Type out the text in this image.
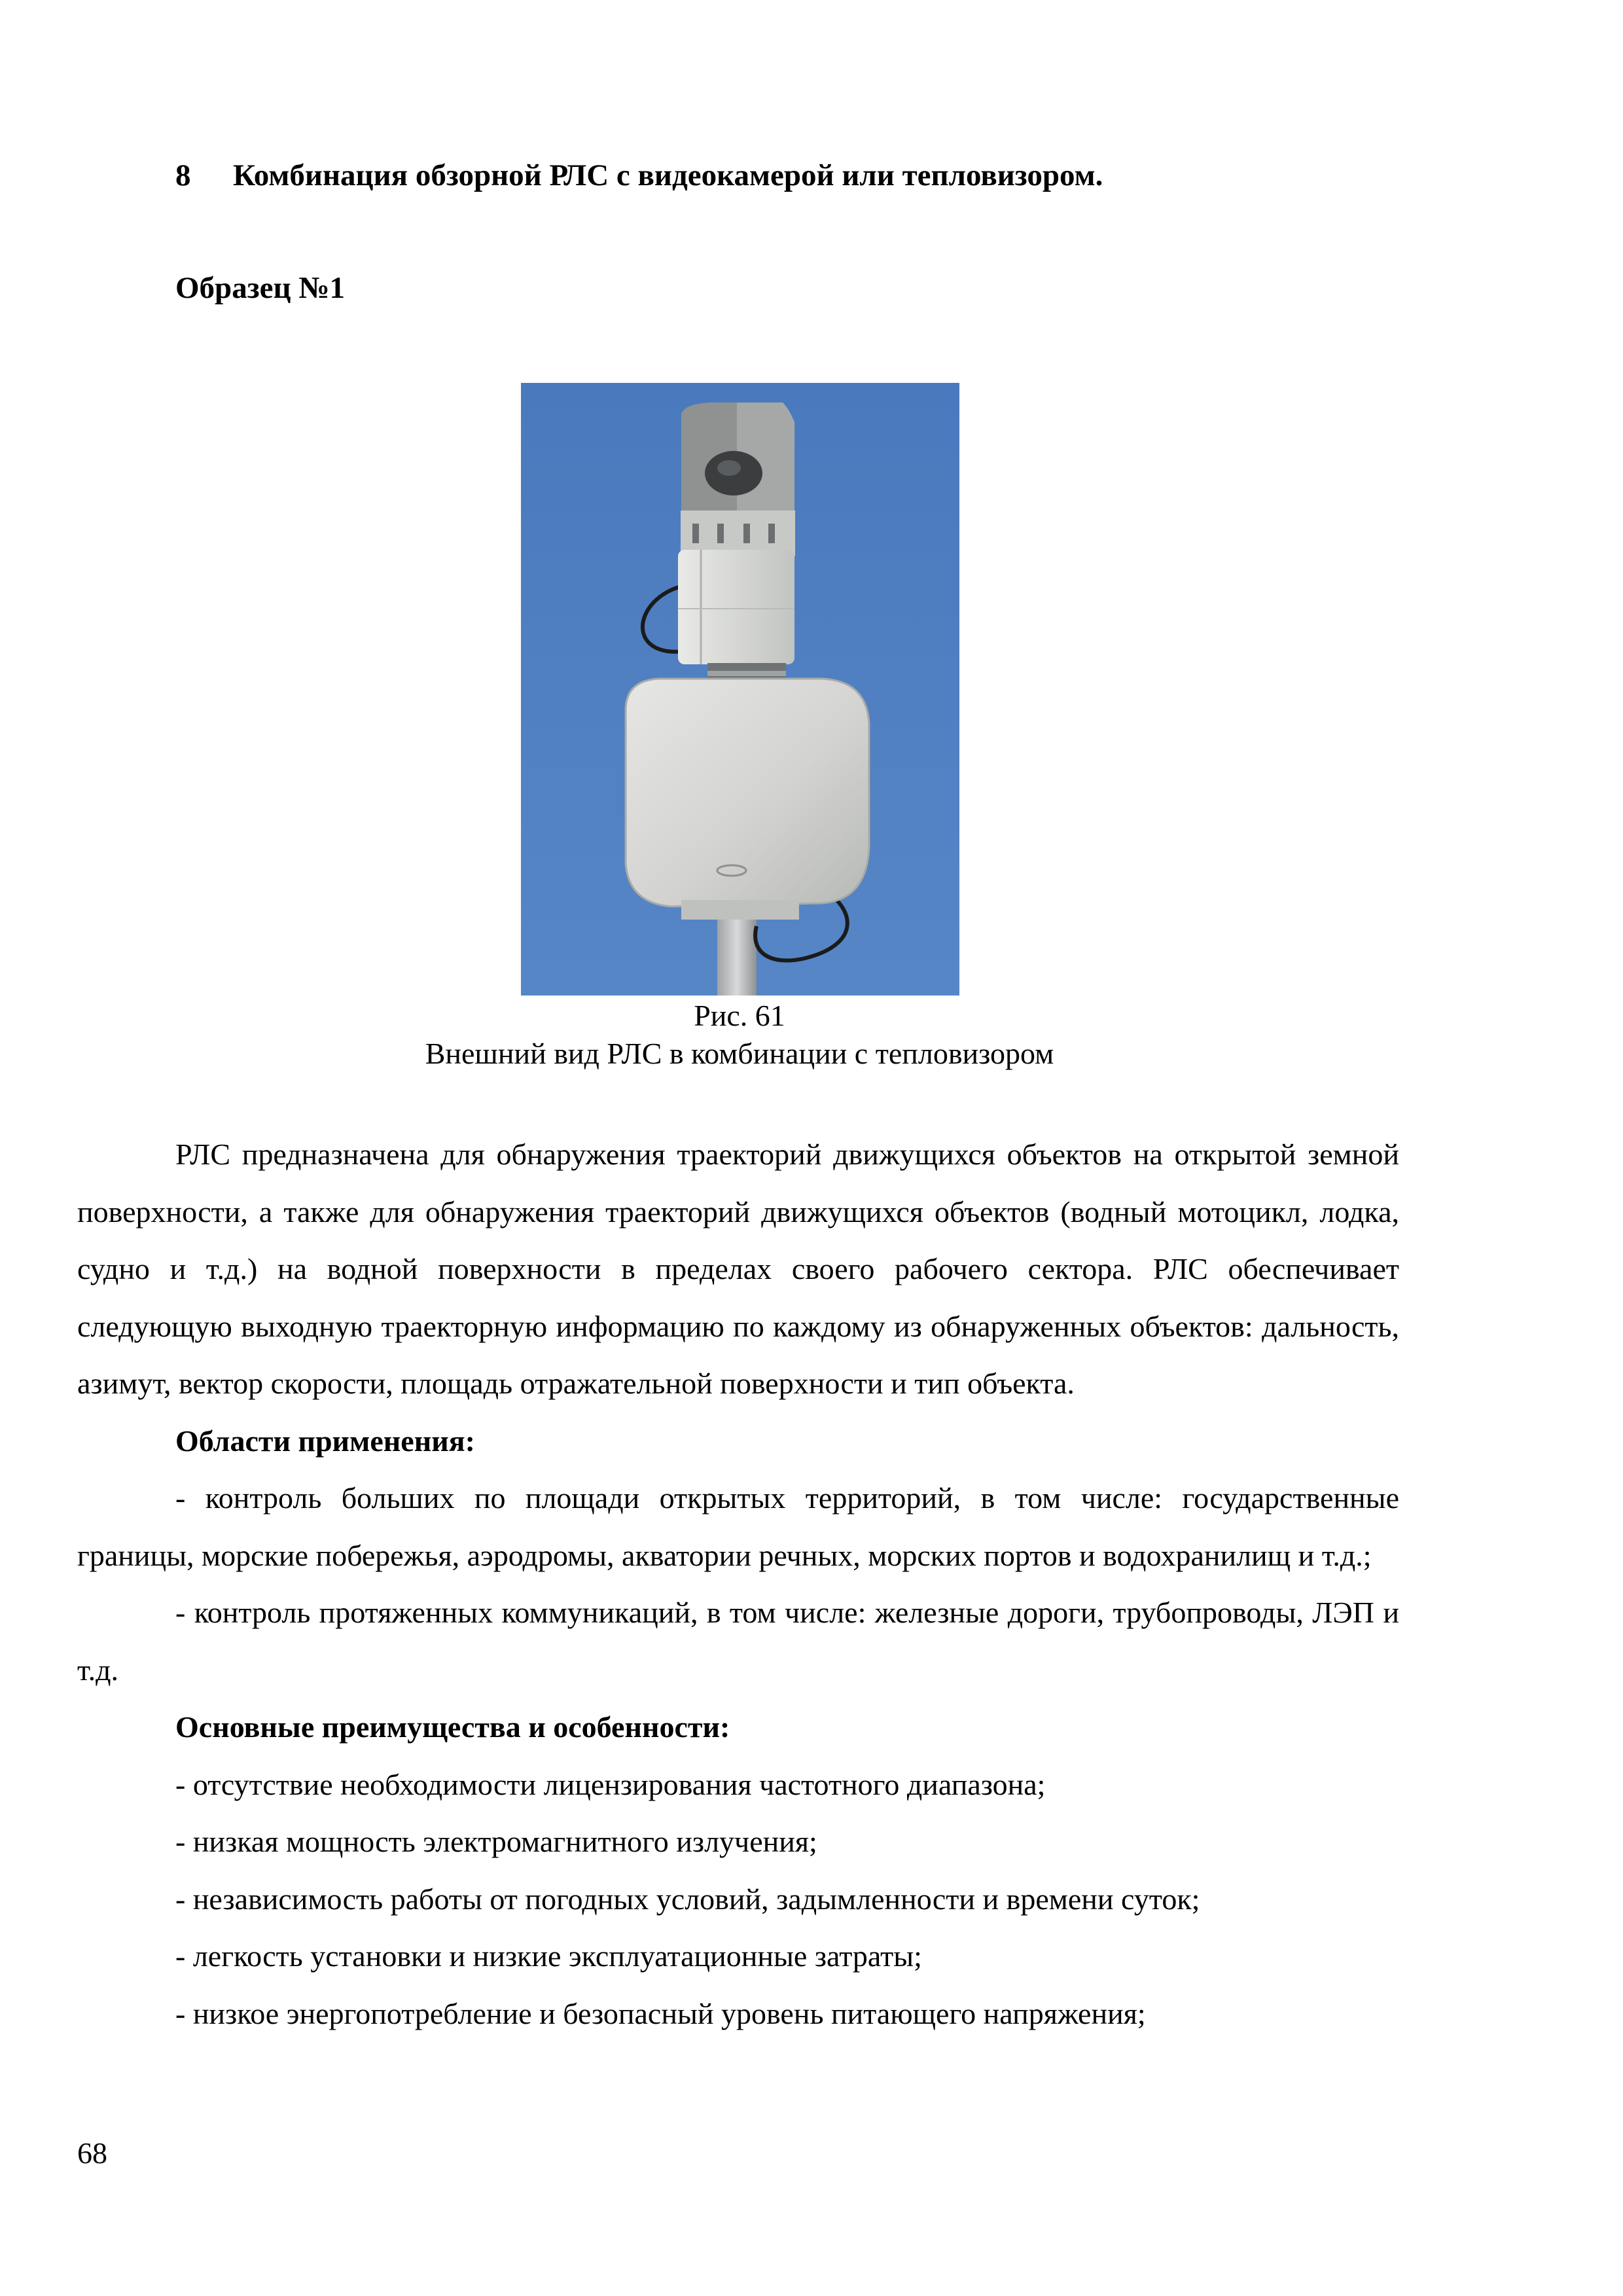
8 Комбинация обзорной РЛС с видеокамерой или тепловизором.
Образец №1
Рис. 61
Внешний вид РЛС в комбинации с тепловизором

РЛС предназначена для обнаружения траекторий движущихся объектов на открытой земной поверхности, а также для обнаружения траекторий движущихся объектов (водный мотоцикл, лодка, судно и т.д.) на водной поверхности в пределах своего рабочего сектора. РЛС обеспечивает следующую выходную траекторную информацию по каждому из обнаруженных объектов: дальность, азимут, вектор скорости, площадь отражательной поверхности и тип объекта.

Области применения:

- контроль больших по площади открытых территорий, в том числе: государственные границы, морские побережья, аэродромы, акватории речных, морских портов и водохранилищ и т.д.;

- контроль протяженных коммуникаций, в том числе: железные дороги, трубопроводы, ЛЭП и т.д.

Основные преимущества и особенности:

- отсутствие необходимости лицензирования частотного диапазона;

- низкая мощность электромагнитного излучения;

- независимость работы от погодных условий, задымленности и времени суток;

- легкость установки и низкие эксплуатационные затраты;

- низкое энергопотребление и безопасный уровень питающего напряжения;

68
